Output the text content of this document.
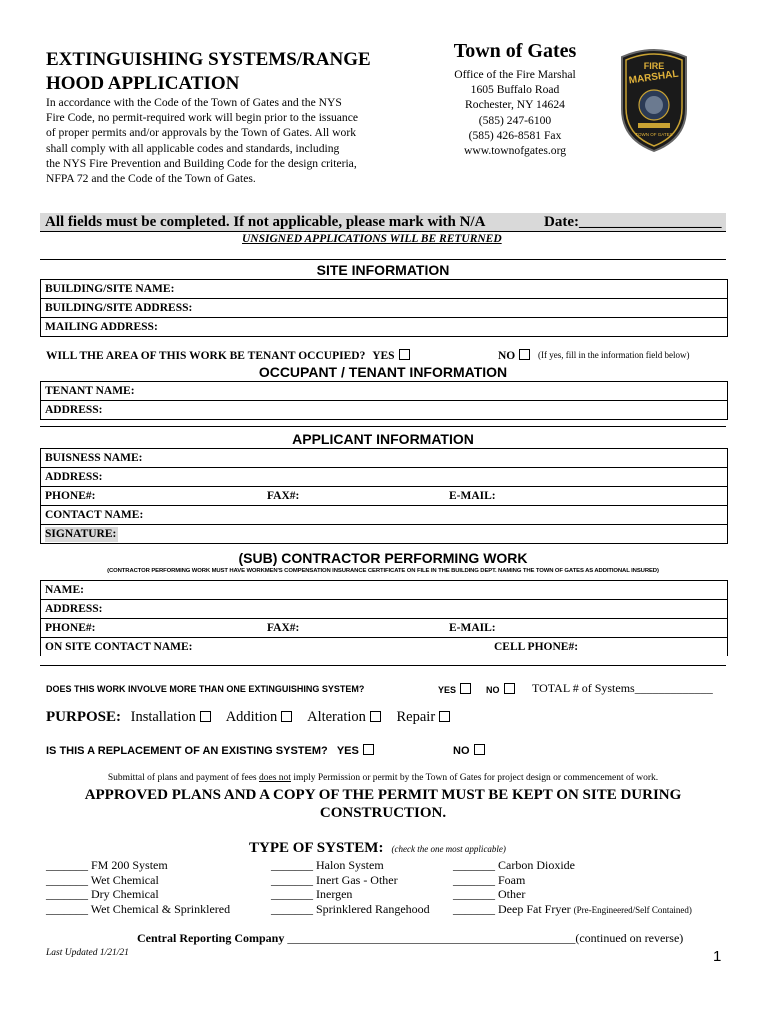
EXTINGUISHING SYSTEMS/RANGE
HOOD APPLICATION
In accordance with the Code of the Town of Gates and the NYS
Fire Code, no permit-required work will begin prior to the issuance
of proper permits and/or approvals by the Town of Gates. All work
shall comply with all applicable codes and standards, including
the NYS Fire Prevention and Building Code for the design criteria,
NFPA 72 and the Code of the Town of Gates.
Town of Gates
Office of the Fire Marshal
1605 Buffalo Road
Rochester, NY 14624
(585) 247-6100
(585) 426-8581 Fax
www.townofgates.org
FIRE
MARSHAL
TOWN OF GATES
All fields must be completed. If not applicable, please mark with N/A	Date:___________________
UNSIGNED APPLICATIONS WILL BE RETURNED
SITE INFORMATION
BUILDING/SITE NAME:
BUILDING/SITE ADDRESS:
MAILING ADDRESS:
WILL THE AREA OF THIS WORK BE TENANT OCCUPIED? YES	NO	(If yes, fill in the information field below)
OCCUPANT / TENANT INFORMATION
TENANT NAME:
ADDRESS:
APPLICANT INFORMATION
BUISNESS NAME:
ADDRESS:
PHONE#:	FAX#:	E-MAIL:
CONTACT NAME:
SIGNATURE:
(SUB) CONTRACTOR PERFORMING WORK
(CONTRACTOR PERFORMING WORK MUST HAVE WORKMEN'S COMPENSATION INSURANCE CERTIFICATE ON FILE IN THE BUILDING DEPT. NAMING THE TOWN OF GATES AS ADDITIONAL INSURED)
NAME:
ADDRESS:
PHONE#:	FAX#:	E-MAIL:
ON SITE CONTACT NAME:	CELL PHONE#:
DOES THIS WORK INVOLVE MORE THAN ONE EXTINGUISHING SYSTEM?	YES	NO	TOTAL # of Systems_____________
PURPOSE: Installation Addition Alteration Repair
IS THIS A REPLACEMENT OF AN EXISTING SYSTEM? YES	NO
Submittal of plans and payment of fees does not imply Permission or permit by the Town of Gates for project design or commencement of work.
APPROVED PLANS AND A COPY OF THE PERMIT MUST BE KEPT ON SITE DURING
CONSTRUCTION.
TYPE OF SYSTEM: (check the one most applicable)
_______ FM 200 System
_______ Wet Chemical
_______ Dry Chemical
_______ Wet Chemical & Sprinklered
_______ Halon System
_______ Inert Gas - Other
_______ Inergen
_______ Sprinklered Rangehood
_______ Carbon Dioxide
_______ Foam
_______ Other
_______ Deep Fat Fryer (Pre-Engineered/Self Contained)
Central Reporting Company ________________________________________________(continued on reverse)
Last Updated 1/21/21	1
